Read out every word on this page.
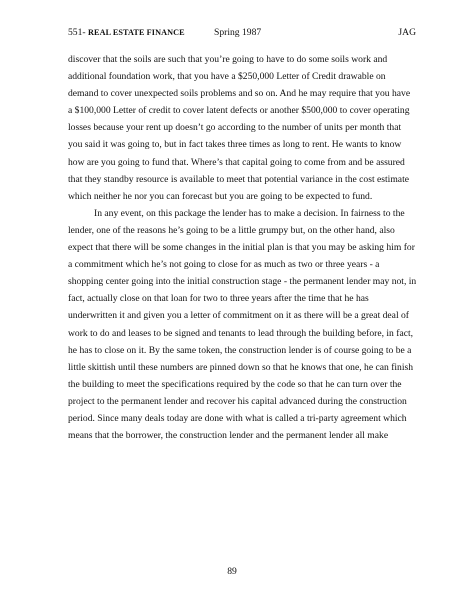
551- REAL ESTATE FINANCE	Spring 1987	JAG
discover that the soils are such that you’re going to have to do some soils work and
additional foundation work, that you have a $250,000 Letter of Credit drawable on
demand to cover unexpected soils problems and so on. And he may require that you have
a $100,000 Letter of credit to cover latent defects or another $500,000 to cover operating
losses because your rent up doesn’t go according to the number of units per month that
you said it was going to, but in fact takes three times as long to rent. He wants to know
how are you going to fund that. Where’s that capital going to come from and be assured
that they standby resource is available to meet that potential variance in the cost estimate
which neither he nor you can forecast but you are going to be expected to fund.
In any event, on this package the lender has to make a decision. In fairness to the
lender, one of the reasons he’s going to be a little grumpy but, on the other hand, also
expect that there will be some changes in the initial plan is that you may be asking him for
a commitment which he’s not going to close for as much as two or three years - a
shopping center going into the initial construction stage - the permanent lender may not, in
fact, actually close on that loan for two to three years after the time that he has
underwritten it and given you a letter of commitment on it as there will be a great deal of
work to do and leases to be signed and tenants to lead through the building before, in fact,
he has to close on it. By the same token, the construction lender is of course going to be a
little skittish until these numbers are pinned down so that he knows that one, he can finish
the building to meet the specifications required by the code so that he can turn over the
project to the permanent lender and recover his capital advanced during the construction
period. Since many deals today are done with what is called a tri-party agreement which
means that the borrower, the construction lender and the permanent lender all make
89
